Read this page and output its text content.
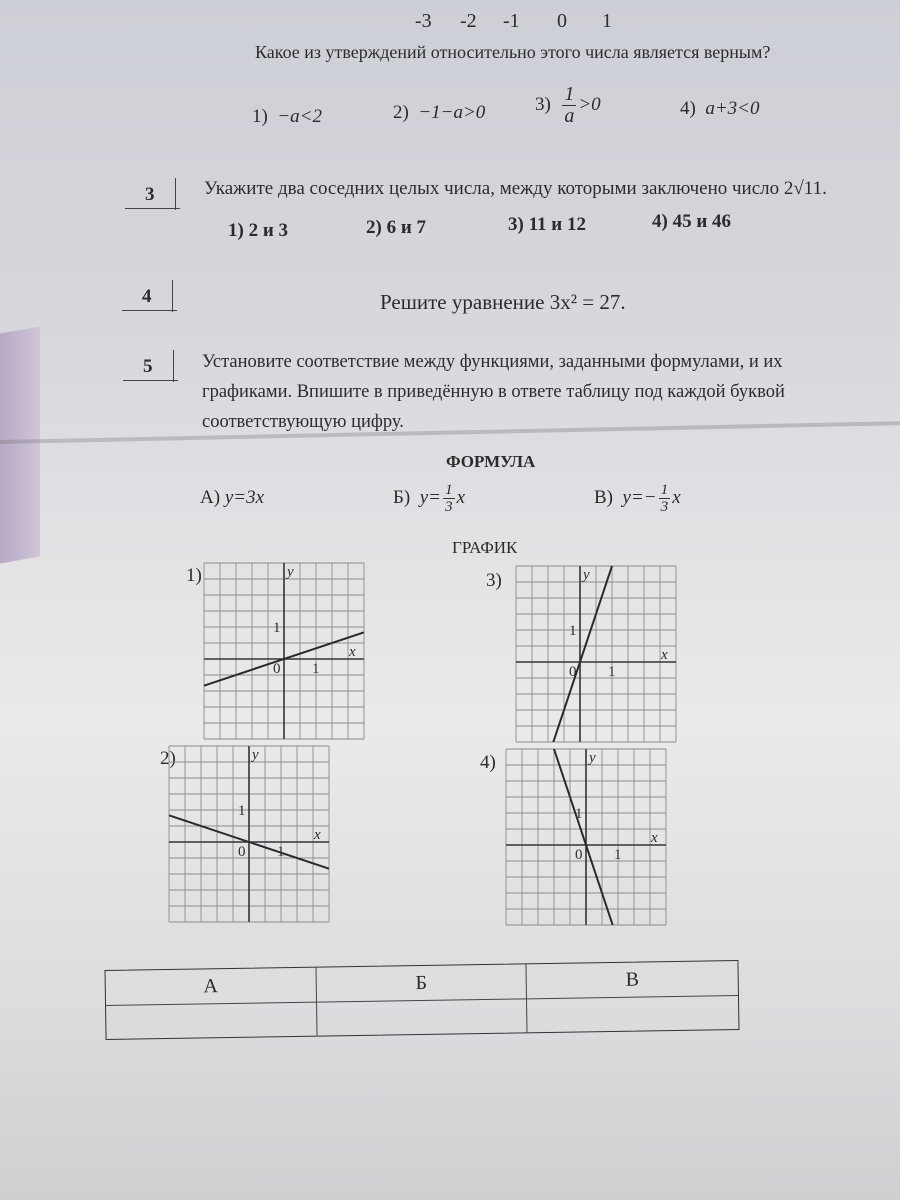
-3 -2 -1 0 1
Какое из утверждений относительно этого числа является верным?
1) −a<2	2) −1−a>0	$3) \frac{1}{a} >0$	4) a+3<0
3	Укажите два соседних целых числа, между которыми заключено число 2√11.
1) 2 и 3	2) 6 и 7	3) 11 и 12	4) 45 и 46
4	Решите уравнение 3x² = 27.
5	Установите соответствие между функциями, заданными формулами, и их
графиками. Впишите в приведённую в ответе таблицу под каждой буквой
соответствующую цифру.
ФОРМУЛА
А) y=3x	Б) $y= \frac{1}{3}$ x	В) $y=- \frac{1}{3}$ x
ГРАФИК
1)
2)
3)
4)
y
x
1
0 1
y
x
1
0 1
y
x
1
0 1
y
x
1
0 1
А	Б	В
